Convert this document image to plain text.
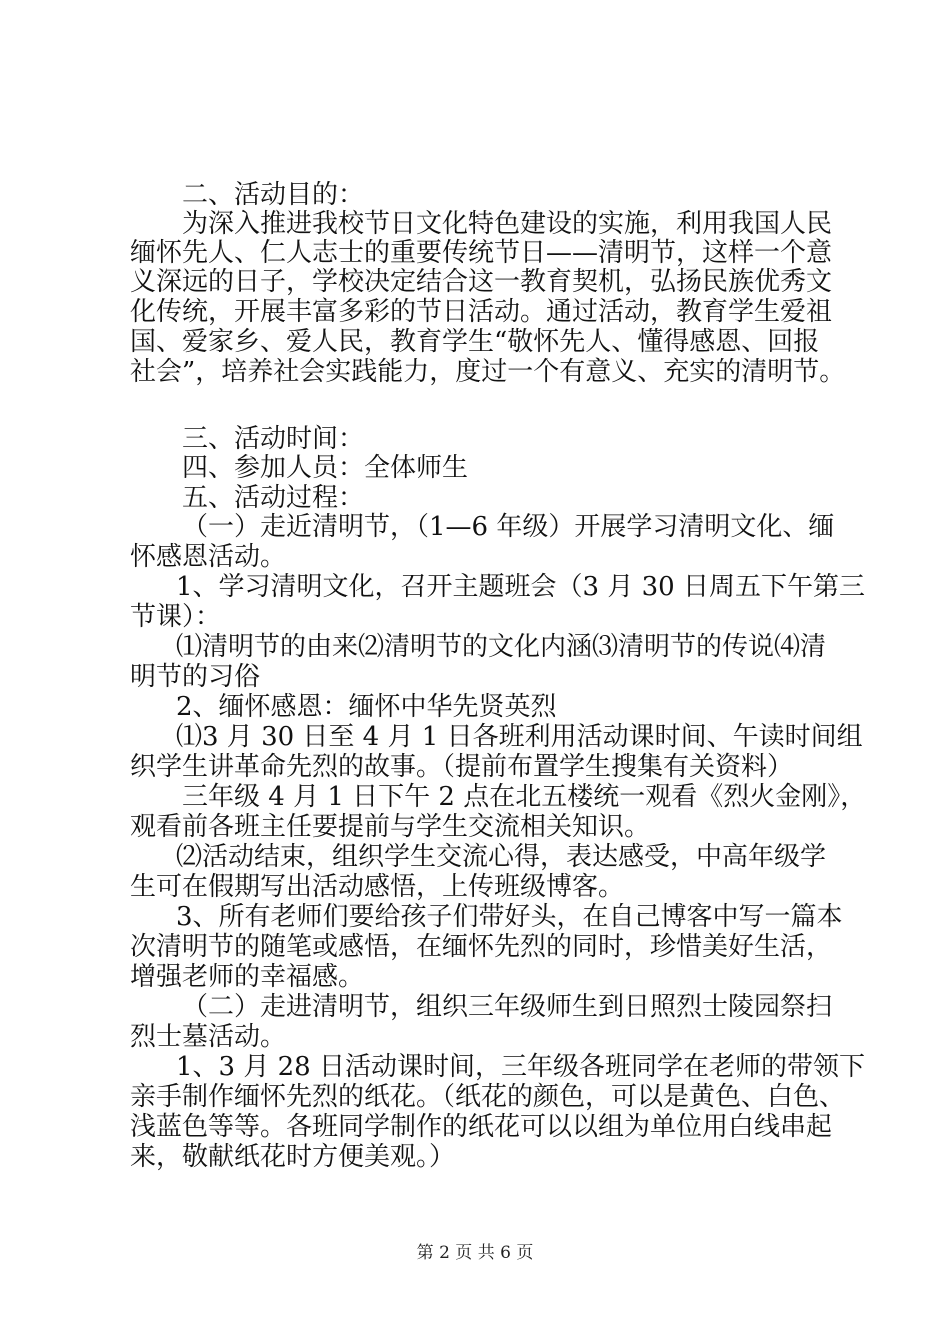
二、活动目的：
为深入推进我校节日文化特色建设的实施，利用我国人民
缅怀先人、仁人志士的重要传统节日——清明节，这样一个意
义深远的日子，学校决定结合这一教育契机，弘扬民族优秀文
化传统，开展丰富多彩的节日活动。通过活动，教育学生爱祖
国、爱家乡、爱人民，教育学生“敬怀先人、懂得感恩、回报
社会”，培养社会实践能力，度过一个有意义、充实的清明节。
三、活动时间：
四、参加人员：全体师生
五、活动过程：
（一）走近清明节，（1—6 年级）开展学习清明文化、缅
怀感恩活动。
1、学习清明文化，召开主题班会（3 月 30 日周五下午第三
节课）：
⑴清明节的由来⑵清明节的文化内涵⑶清明节的传说⑷清
明节的习俗
2、缅怀感恩：缅怀中华先贤英烈
⑴3 月 30 日至 4 月 1 日各班利用活动课时间、午读时间组
织学生讲革命先烈的故事。（提前布置学生搜集有关资料）
三年级 4 月 1 日下午 2 点在北五楼统一观看《烈火金刚》，
观看前各班主任要提前与学生交流相关知识。
⑵活动结束，组织学生交流心得，表达感受，中高年级学
生可在假期写出活动感悟，上传班级博客。
3、所有老师们要给孩子们带好头，在自己博客中写一篇本
次清明节的随笔或感悟，在缅怀先烈的同时，珍惜美好生活，
增强老师的幸福感。
（二）走进清明节，组织三年级师生到日照烈士陵园祭扫
烈士墓活动。
1、3 月 28 日活动课时间，三年级各班同学在老师的带领下
亲手制作缅怀先烈的纸花。（纸花的颜色，可以是黄色、白色、
浅蓝色等等。各班同学制作的纸花可以以组为单位用白线串起
来，敬献纸花时方便美观。）
第 2 页 共 6 页
